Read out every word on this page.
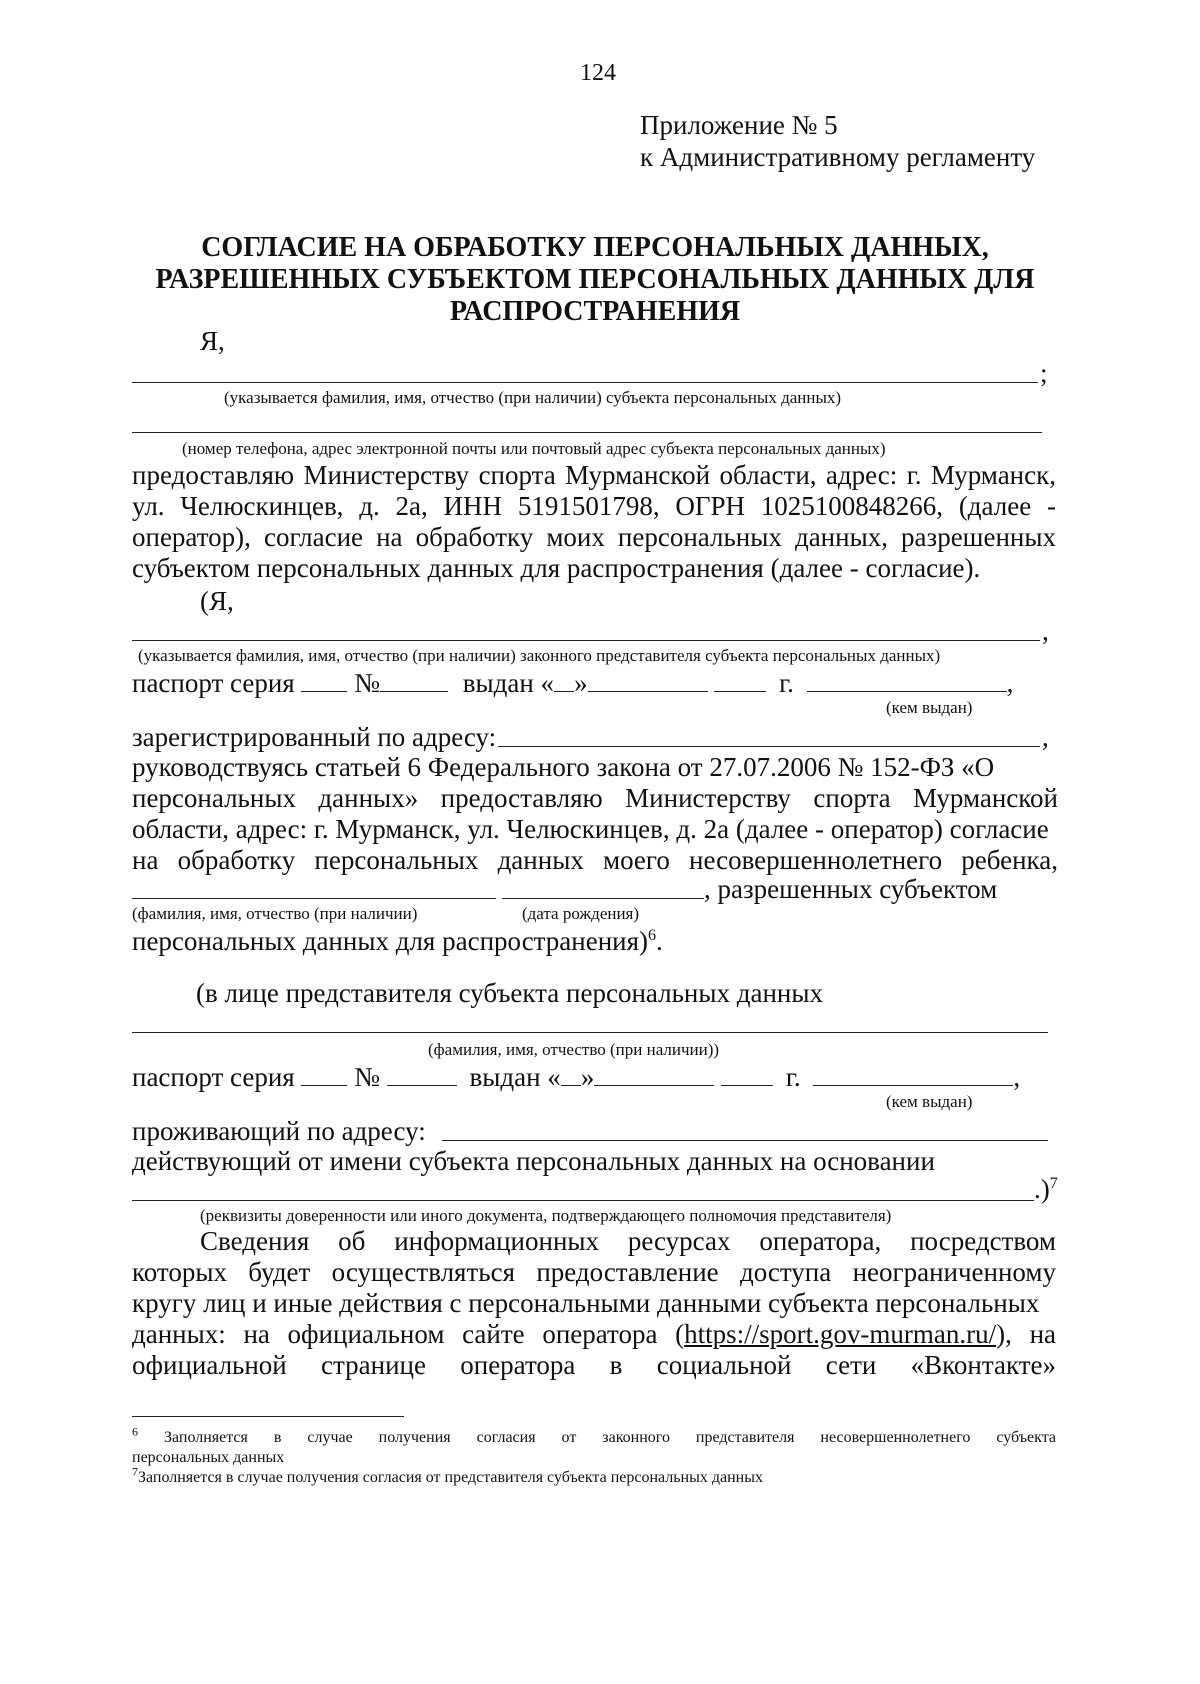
124
Приложение № 5
к Административному регламенту
СОГЛАСИЕ НА ОБРАБОТКУ ПЕРСОНАЛЬНЫХ ДАННЫХ,
РАЗРЕШЕННЫХ СУБЪЕКТОМ ПЕРСОНАЛЬНЫХ ДАННЫХ ДЛЯ
РАСПРОСТРАНЕНИЯ
Я,
;
(указывается фамилия, имя, отчество (при наличии) субъекта персональных данных)
(номер телефона, адрес электронной почты или почтовый адрес субъекта персональных данных)
предоставляю Министерству спорта Мурманской области, адрес: г. Мурманск,
ул. Челюскинцев, д. 2а, ИНН 5191501798, ОГРН 1025100848266, (далее -
оператор), согласие на обработку моих персональных данных, разрешенных
субъектом персональных данных для распространения (далее - согласие).
(Я,
,
(указывается фамилия, имя, отчество (при наличии) законного представителя субъекта персональных данных)
паспорт серия №	выдан « »	г.	,
(кем выдан)
зарегистрированный по адресу:	,
руководствуясь статьей 6 Федерального закона от 27.07.2006 № 152-ФЗ «О
персональных данных» предоставляю Министерству спорта Мурманской
области, адрес: г. Мурманск, ул. Челюскинцев, д. 2а (далее - оператор) согласие
на обработку персональных данных моего несовершеннолетнего ребенка,
, разрешенных субъектом
(фамилия, имя, отчество (при наличии)	(дата рождения)
персональных данных для распространения)$^6$.
(в лице представителя субъекта персональных данных
(фамилия, имя, отчество (при наличии))
паспорт серия №	выдан « »	г.	,
(кем выдан)
проживающий по адресу:
действующий от имени субъекта персональных данных на основании
.)$^7$
(реквизиты доверенности или иного документа, подтверждающего полномочия представителя)
Сведения об информационных ресурсах оператора, посредством
которых будет осуществляться предоставление доступа неограниченному
кругу лиц и иные действия с персональными данными субъекта персональных
данных: на официальном сайте оператора (https://sport.gov-murman.ru/), на
официальной странице оператора в социальной сети «Вконтакте»
$^6$ Заполняется в случае получения согласия от законного представителя несовершеннолетнего субъекта
персональных данных
$^7$Заполняется в случае получения согласия от представителя субъекта персональных данных
